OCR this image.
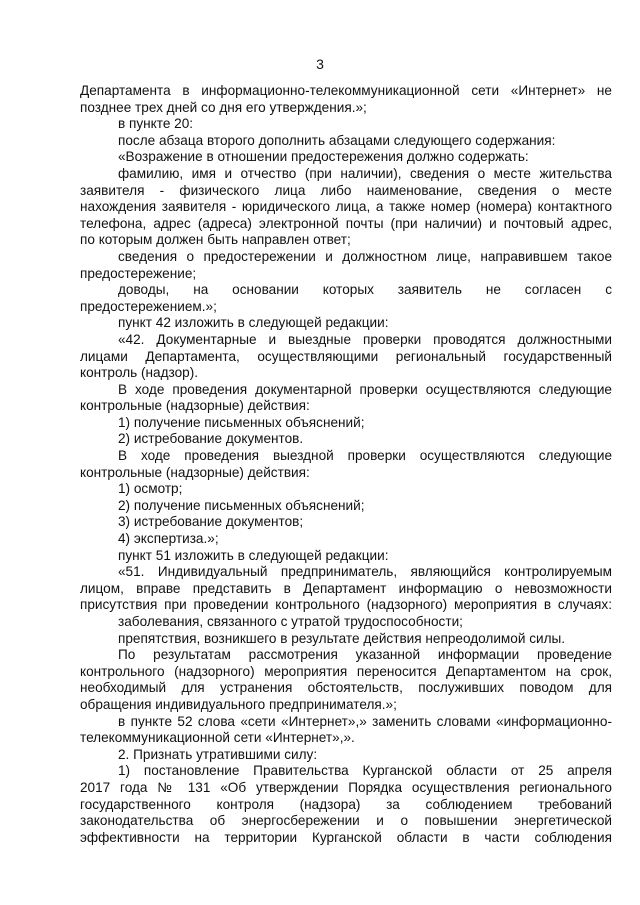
3
Департамента в информационно-телекоммуникационной сети «Интернет» не
позднее трех дней со дня его утверждения.»;
в пункте 20:
после абзаца второго дополнить абзацами следующего содержания:
«Возражение в отношении предостережения должно содержать:
фамилию, имя и отчество (при наличии), сведения о месте жительства
заявителя - физического лица либо наименование, сведения о месте
нахождения заявителя - юридического лица, а также номер (номера) контактного
телефона, адрес (адреса) электронной почты (при наличии) и почтовый адрес,
по которым должен быть направлен ответ;
сведения о предостережении и должностном лице, направившем такое
предостережение;
доводы, на основании которых заявитель не согласен с
предостережением.»;
пункт 42 изложить в следующей редакции:
«42. Документарные и выездные проверки проводятся должностными
лицами Департамента, осуществляющими региональный государственный
контроль (надзор).
В ходе проведения документарной проверки осуществляются следующие
контрольные (надзорные) действия:
1) получение письменных объяснений;
2) истребование документов.
В ходе проведения выездной проверки осуществляются следующие
контрольные (надзорные) действия:
1) осмотр;
2) получение письменных объяснений;
3) истребование документов;
4) экспертиза.»;
пункт 51 изложить в следующей редакции:
«51. Индивидуальный предприниматель, являющийся контролируемым
лицом, вправе представить в Департамент информацию о невозможности
присутствия при проведении контрольного (надзорного) мероприятия в случаях:
заболевания, связанного с утратой трудоспособности;
препятствия, возникшего в результате действия непреодолимой силы.
По результатам рассмотрения указанной информации проведение
контрольного (надзорного) мероприятия переносится Департаментом на срок,
необходимый для устранения обстоятельств, послуживших поводом для
обращения индивидуального предпринимателя.»;
в пункте 52 слова «сети «Интернет»,» заменить словами «информационно-
телекоммуникационной сети «Интернет»,».
2. Признать утратившими силу:
1) постановление Правительства Курганской области от 25 апреля
2017 года № 131 «Об утверждении Порядка осуществления регионального
государственного контроля (надзора) за соблюдением требований
законодательства об энергосбережении и о повышении энергетической
эффективности на территории Курганской области в части соблюдения
